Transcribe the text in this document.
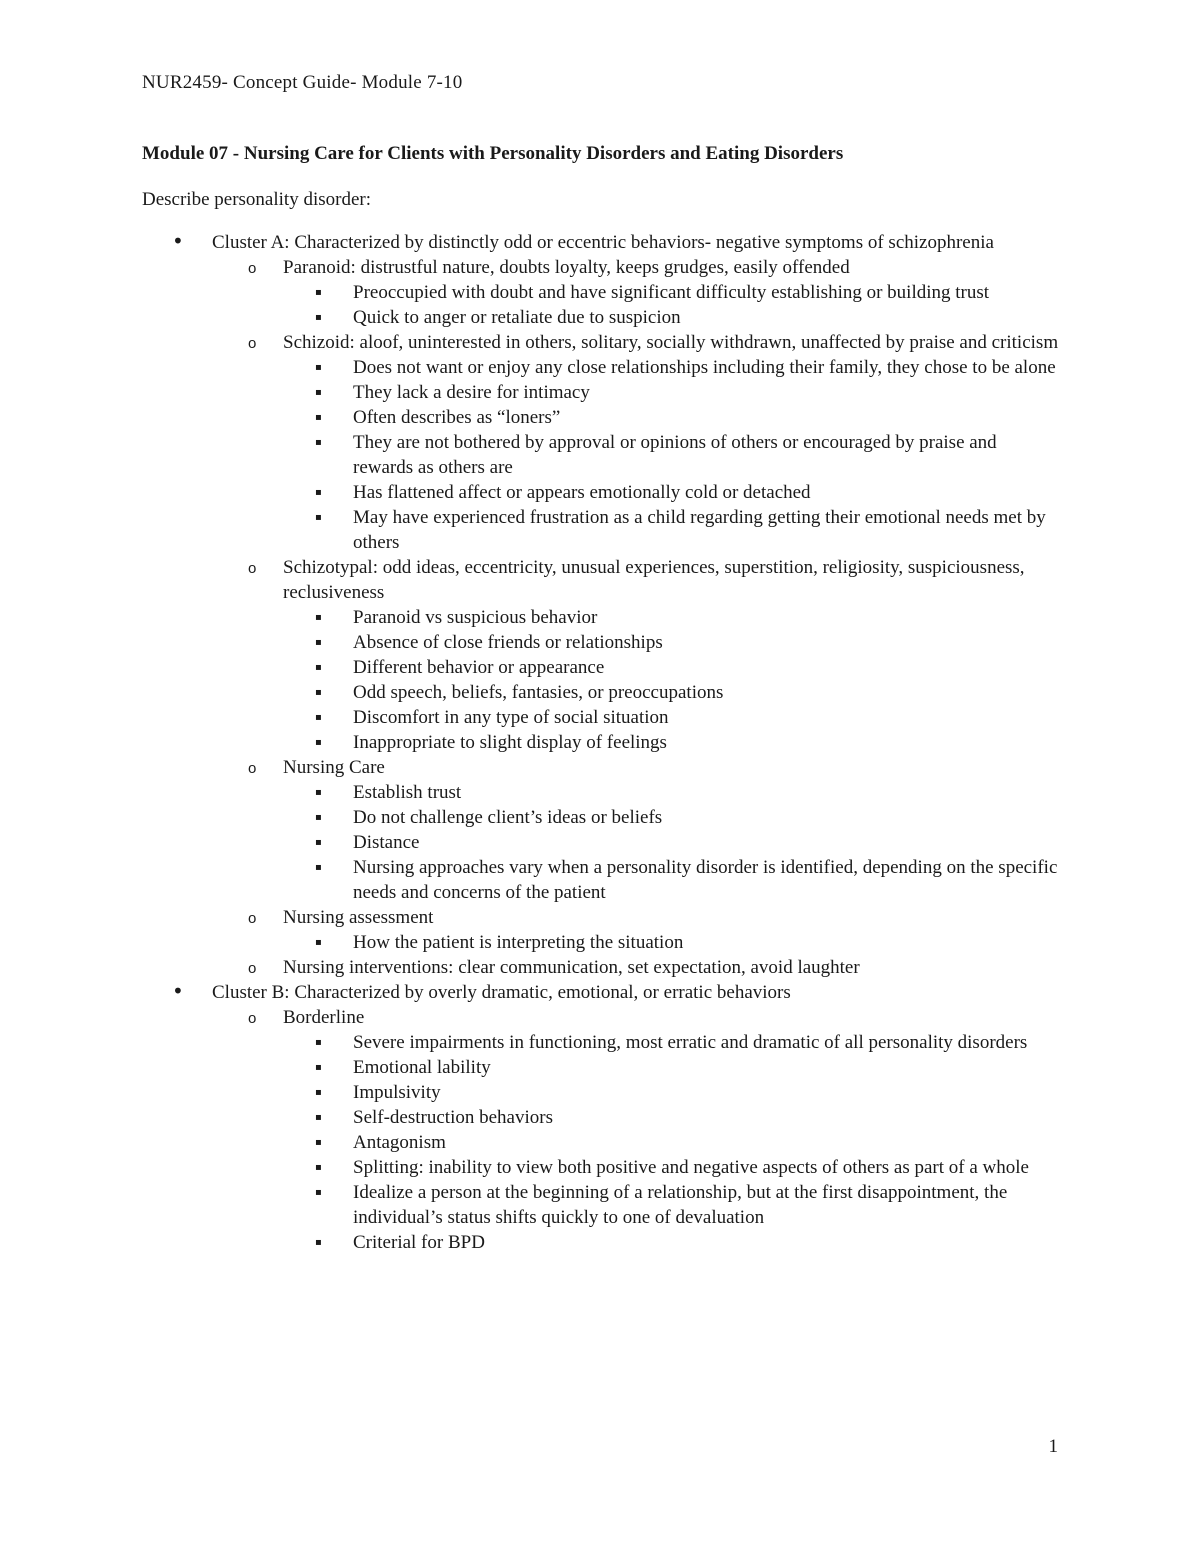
NUR2459- Concept Guide- Module 7-10
Module 07 - Nursing Care for Clients with Personality Disorders and Eating Disorders
Describe personality disorder:
• Cluster A: Characterized by distinctly odd or eccentric behaviors- negative symptoms of schizophrenia
o Paranoid: distrustful nature, doubts loyalty, keeps grudges, easily offended
▪ Preoccupied with doubt and have significant difficulty establishing or building trust
▪ Quick to anger or retaliate due to suspicion
o Schizoid: aloof, uninterested in others, solitary, socially withdrawn, unaffected by praise and criticism
▪ Does not want or enjoy any close relationships including their family, they chose to be alone
▪ They lack a desire for intimacy
▪ Often describes as “loners”
▪ They are not bothered by approval or opinions of others or encouraged by praise and rewards as others are
▪ Has flattened affect or appears emotionally cold or detached
▪ May have experienced frustration as a child regarding getting their emotional needs met by others
o Schizotypal: odd ideas, eccentricity, unusual experiences, superstition, religiosity, suspiciousness, reclusiveness
▪ Paranoid vs suspicious behavior
▪ Absence of close friends or relationships
▪ Different behavior or appearance
▪ Odd speech, beliefs, fantasies, or preoccupations
▪ Discomfort in any type of social situation
▪ Inappropriate to slight display of feelings
o Nursing Care
▪ Establish trust
▪ Do not challenge client’s ideas or beliefs
▪ Distance
▪ Nursing approaches vary when a personality disorder is identified, depending on the specific needs and concerns of the patient
o Nursing assessment
▪ How the patient is interpreting the situation
o Nursing interventions: clear communication, set expectation, avoid laughter
• Cluster B: Characterized by overly dramatic, emotional, or erratic behaviors
o Borderline
▪ Severe impairments in functioning, most erratic and dramatic of all personality disorders
▪ Emotional lability
▪ Impulsivity
▪ Self-destruction behaviors
▪ Antagonism
▪ Splitting: inability to view both positive and negative aspects of others as part of a whole
▪ Idealize a person at the beginning of a relationship, but at the first disappointment, the individual’s status shifts quickly to one of devaluation
▪ Criterial for BPD
1
